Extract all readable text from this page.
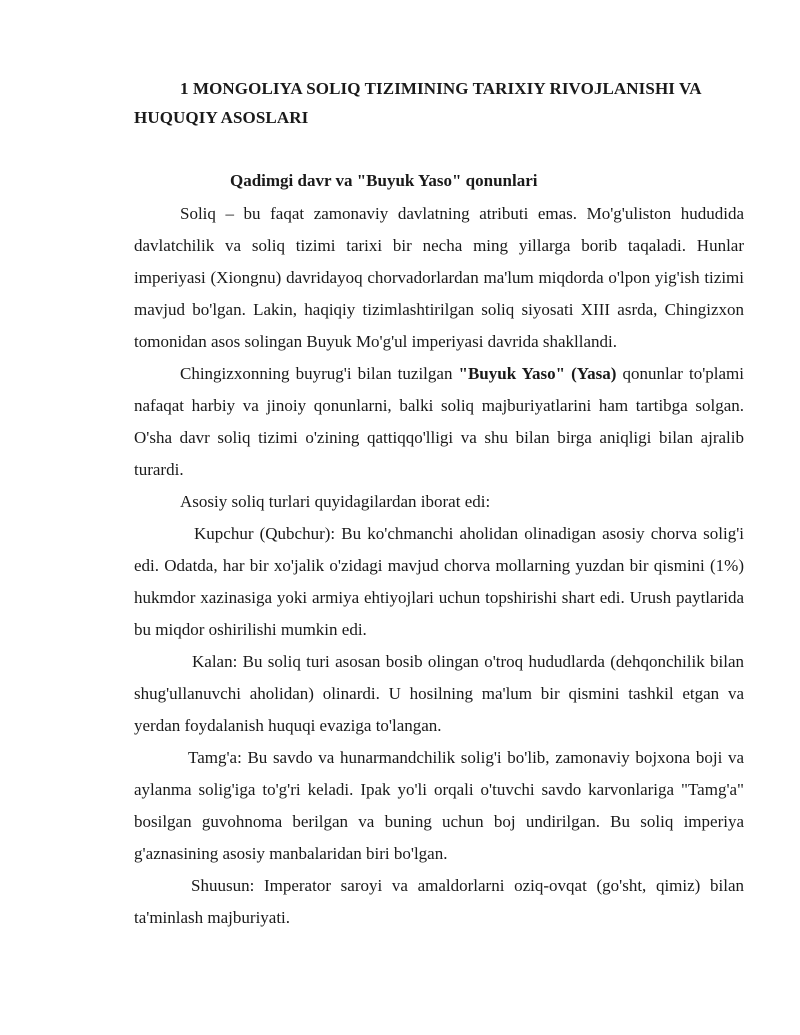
1 MONGOLIYA SOLIQ TIZIMINING TARIXIY RIVOJLANISHI VA HUQUQIY ASOSLARI
Qadimgi davr va "Buyuk Yaso" qonunlari

Soliq – bu faqat zamonaviy davlatning atributi emas. Mo'g'uliston hududida davlatchilik va soliq tizimi tarixi bir necha ming yillarga borib taqaladi. Hunlar imperiyasi (Xiongnu) davridayoq chorvadorlardan ma'lum miqdorda o'lpon yig'ish tizimi mavjud bo'lgan. Lakin, haqiqiy tizimlashtirilgan soliq siyosati XIII asrda, Chingizxon tomonidan asos solingan Buyuk Mo'g'ul imperiyasi davrida shakllandi.

Chingizxonning buyrug'i bilan tuzilgan "Buyuk Yaso" (Yasa) qonunlar to'plami nafaqat harbiy va jinoiy qonunlarni, balki soliq majburiyatlarini ham tartibga solgan. O'sha davr soliq tizimi o'zining qattiqqo'lligi va shu bilan birga aniqligi bilan ajralib turardi.

Asosiy soliq turlari quyidagilardan iborat edi:

Kupchur (Qubchur): Bu ko'chmanchi aholidan olinadigan asosiy chorva solig'i edi. Odatda, har bir xo'jalik o'zidagi mavjud chorva mollarning yuzdan bir qismini (1%) hukmdor xazinasiga yoki armiya ehtiyojlari uchun topshirishi shart edi. Urush paytlarida bu miqdor oshirilishi mumkin edi.

Kalan: Bu soliq turi asosan bosib olingan o'troq hududlarda (dehqonchilik bilan shug'ullanuvchi aholidan) olinardi. U hosilning ma'lum bir qismini tashkil etgan va yerdan foydalanish huquqi evaziga to'langan.

Tamg'a: Bu savdo va hunarmandchilik solig'i bo'lib, zamonaviy bojxona boji va aylanma solig'iga to'g'ri keladi. Ipak yo'li orqali o'tuvchi savdo karvonlariga "Tamg'a" bosilgan guvohnoma berilgan va buning uchun boj undirilgan. Bu soliq imperiya g'aznasining asosiy manbalaridan biri bo'lgan.

Shuusun: Imperator saroyi va amaldorlarni oziq-ovqat (go'sht, qimiz) bilan ta'minlash majburiyati.
